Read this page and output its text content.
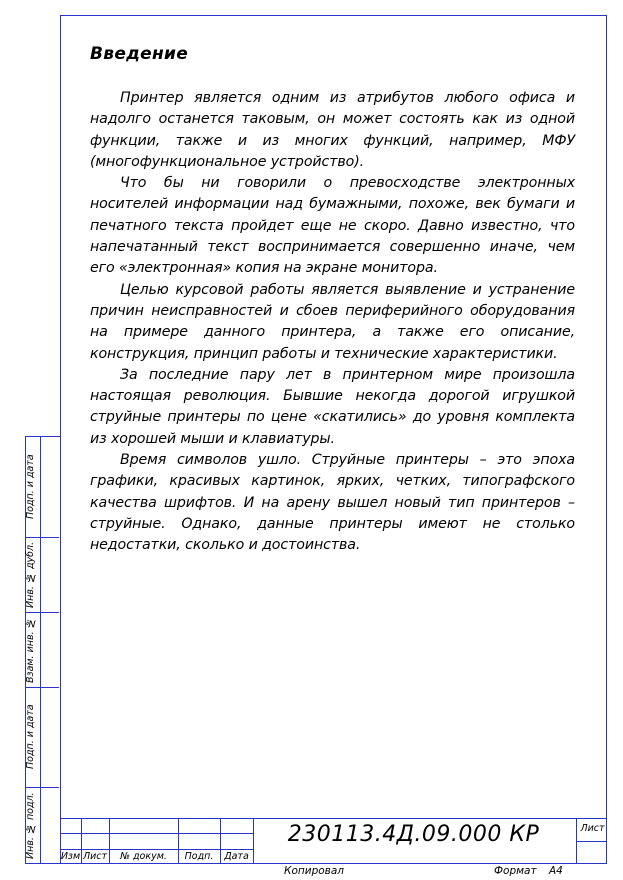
Введение

Принтер является одним из атрибутов любого офиса и надолго останется таковым, он может состоять как из одной функции, также и из многих функций, например, МФУ (многофункциональное устройство).

Что бы ни говорили о превосходстве электронных носителей информации над бумажными, похоже, век бумаги и печатного текста пройдет еще не скоро. Давно известно, что напечатанный текст воспринимается совершенно иначе, чем его «электронная» копия на экране монитора.

Целью курсовой работы является выявление и устранение причин неисправностей и сбоев периферийного оборудования на примере данного принтера, а также его описание, конструкция, принцип работы и технические характеристики.

За последние пару лет в принтерном мире произошла настоящая революция. Бывшие некогда дорогой игрушкой струйные принтеры по цене «скатились» до уровня комплекта из хорошей мыши и клавиатуры.

Время символов ушло. Струйные принтеры – это эпоха графики, красивых картинок, ярких, четких, типографского качества шрифтов. И на арену вышел новый тип принтеров – струйные. Однако, данные принтеры имеют не столько недостатки, сколько и достоинства.

Подп. и дата
Инв. № дубл.
Взам. инв. №
Подп. и дата
Инв. № подл.	Изм Лист	№ докум.	Подп.	Дата
230113.4Д.09.000 КР	Лист
Копировал	Формат А4
